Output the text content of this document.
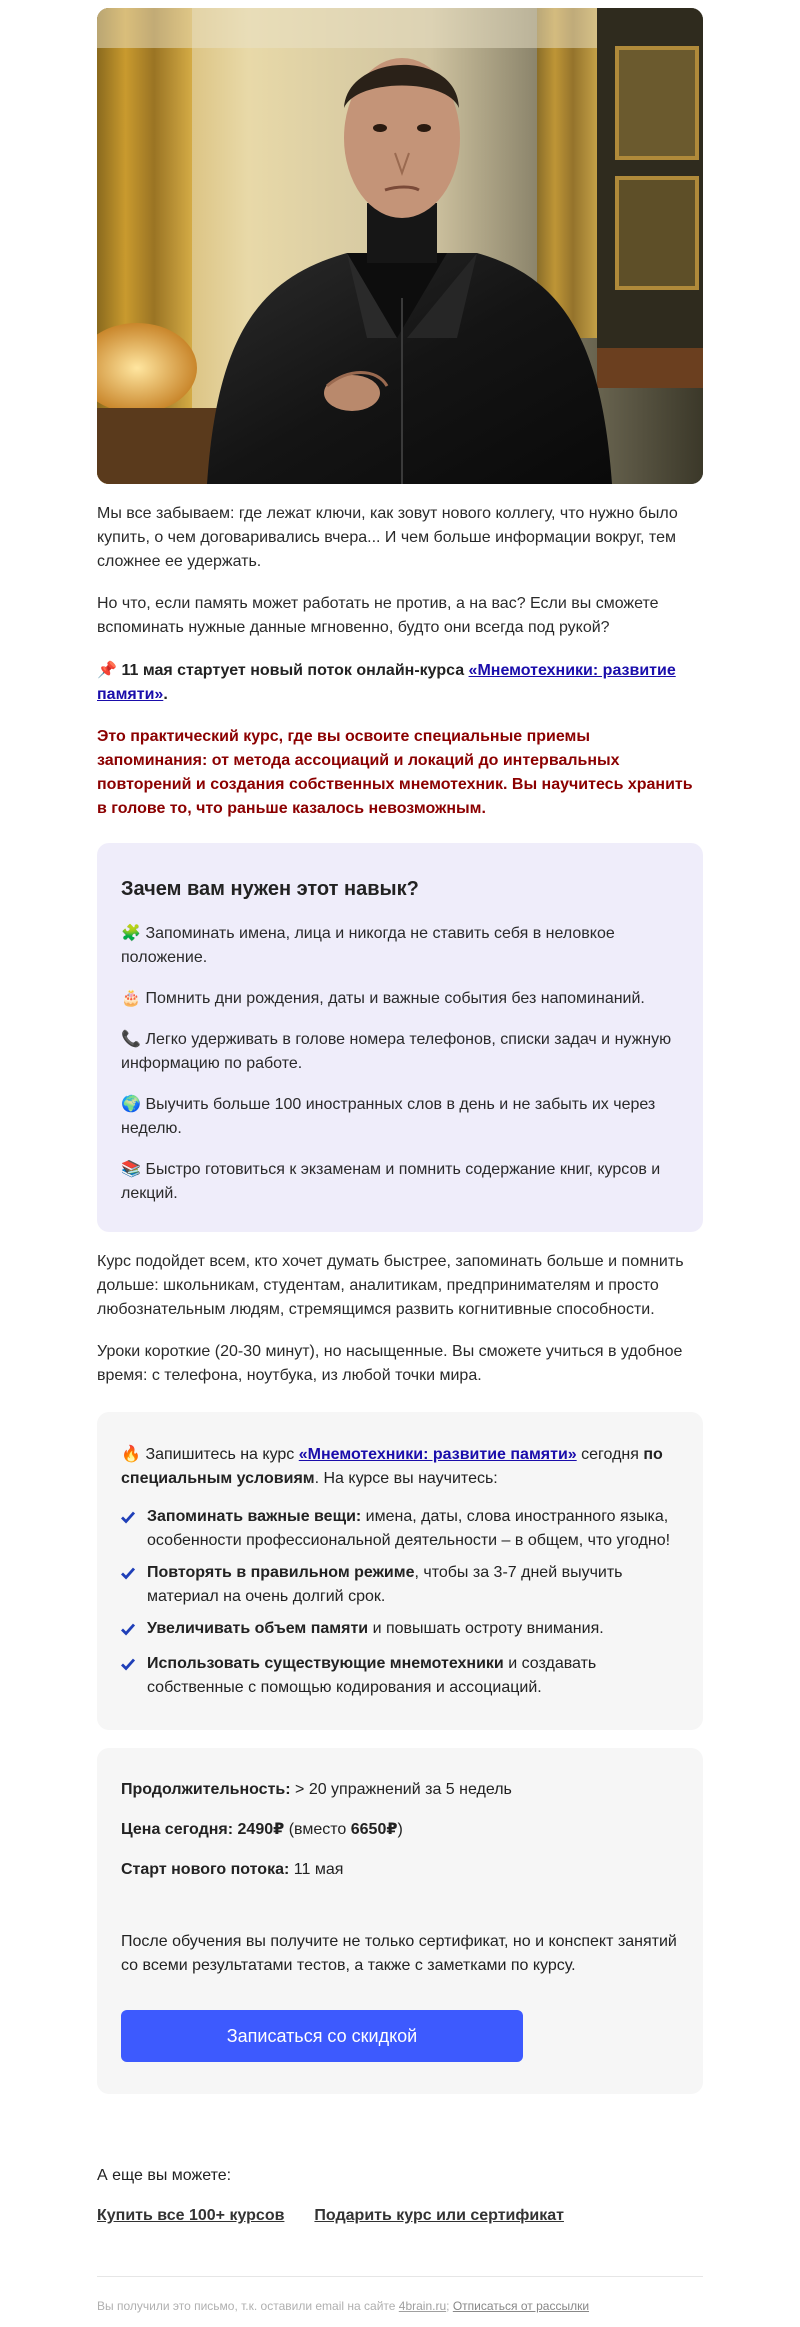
Мы все забываем: где лежат ключи, как зовут нового коллегу, что нужно было купить, о чем договаривались вчера... И чем больше информации вокруг, тем сложнее ее удержать.

Но что, если память может работать не против, а на вас? Если вы сможете вспоминать нужные данные мгновенно, будто они всегда под рукой?

📌 11 мая стартует новый поток онлайн-курса «Мнемотехники: развитие памяти».

Это практический курс, где вы освоите специальные приемы запоминания: от метода ассоциаций и локаций до интервальных повторений и создания собственных мнемотехник. Вы научитесь хранить в голове то, что раньше казалось невозможным.

Зачем вам нужен этот навык?
🧩 Запоминать имена, лица и никогда не ставить себя в неловкое положение.
🎂 Помнить дни рождения, даты и важные события без напоминаний.
📞 Легко удерживать в голове номера телефонов, списки задач и нужную информацию по работе.
🌍 Выучить больше 100 иностранных слов в день и не забыть их через неделю.
📚 Быстро готовиться к экзаменам и помнить содержание книг, курсов и лекций.

Курс подойдет всем, кто хочет думать быстрее, запоминать больше и помнить дольше: школьникам, студентам, аналитикам, предпринимателям и просто любознательным людям, стремящимся развить когнитивные способности.

Уроки короткие (20-30 минут), но насыщенные. Вы сможете учиться в удобное время: с телефона, ноутбука, из любой точки мира.

🔥 Запишитесь на курс «Мнемотехники: развитие памяти» сегодня по специальным условиям. На курсе вы научитесь:

Запоминать важные вещи: имена, даты, слова иностранного языка, особенности профессиональной деятельности – в общем, что угодно!
Повторять в правильном режиме, чтобы за 3-7 дней выучить материал на очень долгий срок.
Увеличивать объем памяти и повышать остроту внимания.
Использовать существующие мнемотехники и создавать собственные с помощью кодирования и ассоциаций.

Продолжительность: > 20 упражнений за 5 недель

Цена сегодня: 2490₽ (вместо 6650₽)

Старт нового потока: 11 мая

После обучения вы получите не только сертификат, но и конспект занятий со всеми результатами тестов, а также с заметками по курсу.

Записаться со скидкой

А еще вы можете:

Купить все 100+ курсов Подарить курс или сертификат

Вы получили это письмо, т.к. оставили email на сайте 4brain.ru; Отписаться от рассылки
